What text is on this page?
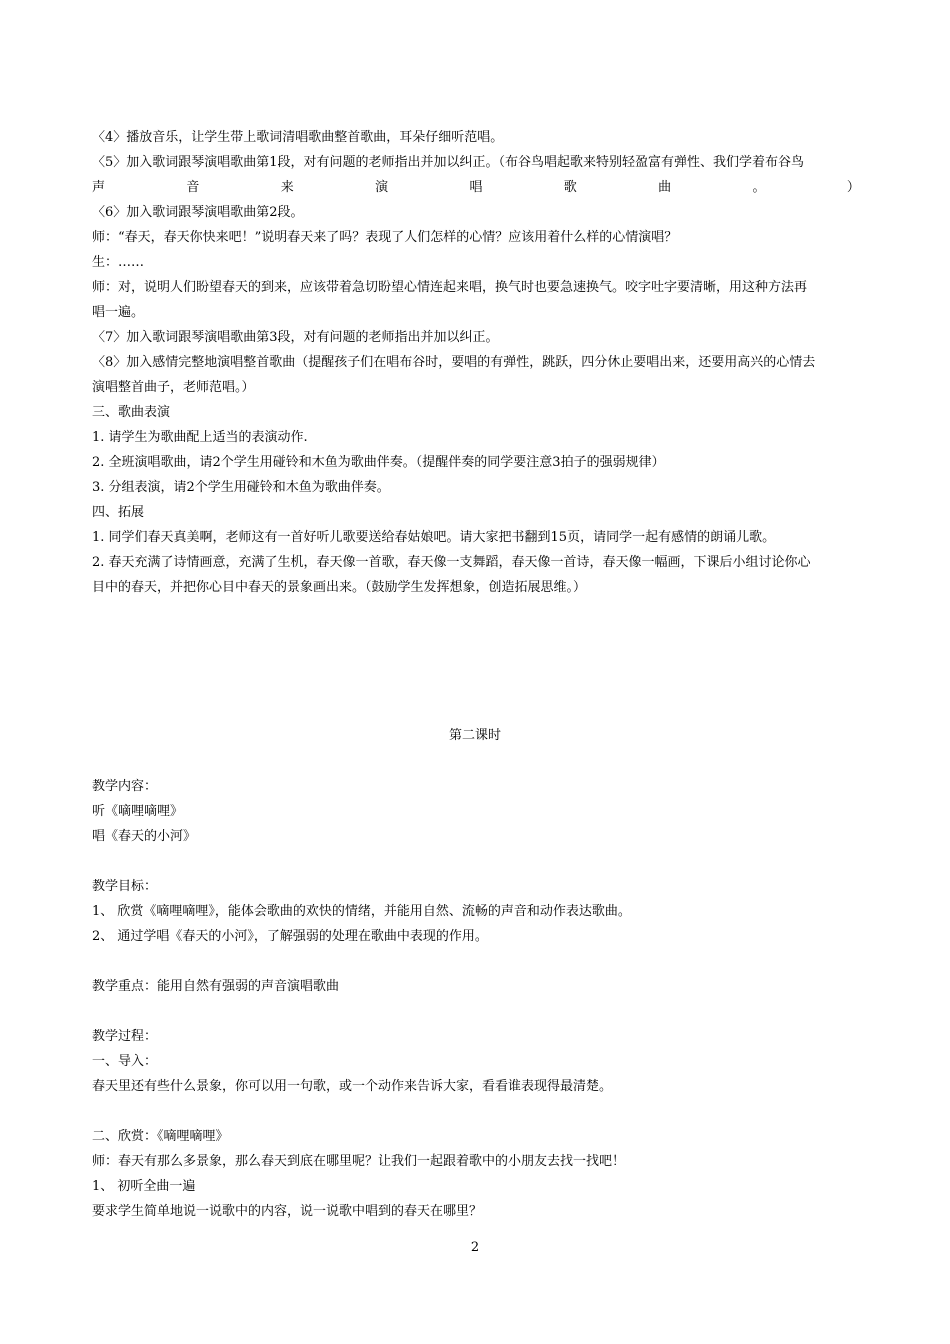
〈4〉播放音乐，让学生带上歌词清唱歌曲整首歌曲，耳朵仔细听范唱。
〈5〉加入歌词跟琴演唱歌曲第1段，对有问题的老师指出并加以纠正。（布谷鸟唱起歌来特别轻盈富有弹性、我们学着布谷鸟
声	音	来	演	唱	歌	曲	。	）
〈6〉加入歌词跟琴演唱歌曲第2段。
师：“春天，春天你快来吧！”说明春天来了吗？表现了人们怎样的心情？应该用着什么样的心情演唱？
生：……
师：对，说明人们盼望春天的到来，应该带着急切盼望心情连起来唱，换气时也要急速换气。咬字吐字要清晰，用这种方法再
唱一遍。
〈7〉加入歌词跟琴演唱歌曲第3段，对有问题的老师指出并加以纠正。
〈8〉加入感情完整地演唱整首歌曲（提醒孩子们在唱布谷时，要唱的有弹性，跳跃，四分休止要唱出来，还要用高兴的心情去
演唱整首曲子，老师范唱。）
三、歌曲表演
1. 请学生为歌曲配上适当的表演动作.
2. 全班演唱歌曲，请2个学生用碰铃和木鱼为歌曲伴奏。（提醒伴奏的同学要注意3拍子的强弱规律）
3. 分组表演，请2个学生用碰铃和木鱼为歌曲伴奏。
四、拓展
1. 同学们春天真美啊，老师这有一首好听儿歌要送给春姑娘吧。请大家把书翻到15页，请同学一起有感情的朗诵儿歌。
2. 春天充满了诗情画意，充满了生机，春天像一首歌，春天像一支舞蹈，春天像一首诗，春天像一幅画，下课后小组讨论你心
目中的春天，并把你心目中春天的景象画出来。（鼓励学生发挥想象，创造拓展思维。）
第二课时
教学内容：
听《嘀哩嘀哩》
唱《春天的小河》
教学目标：
1、 欣赏《嘀哩嘀哩》，能体会歌曲的欢快的情绪，并能用自然、流畅的声音和动作表达歌曲。
2、 通过学唱《春天的小河》，了解强弱的处理在歌曲中表现的作用。
教学重点：能用自然有强弱的声音演唱歌曲
教学过程：
一、导入：
春天里还有些什么景象，你可以用一句歌，或一个动作来告诉大家，看看谁表现得最清楚。
二、欣赏：《嘀哩嘀哩》
师：春天有那么多景象，那么春天到底在哪里呢？让我们一起跟着歌中的小朋友去找一找吧！
1、 初听全曲一遍
要求学生简单地说一说歌中的内容，说一说歌中唱到的春天在哪里？
2
